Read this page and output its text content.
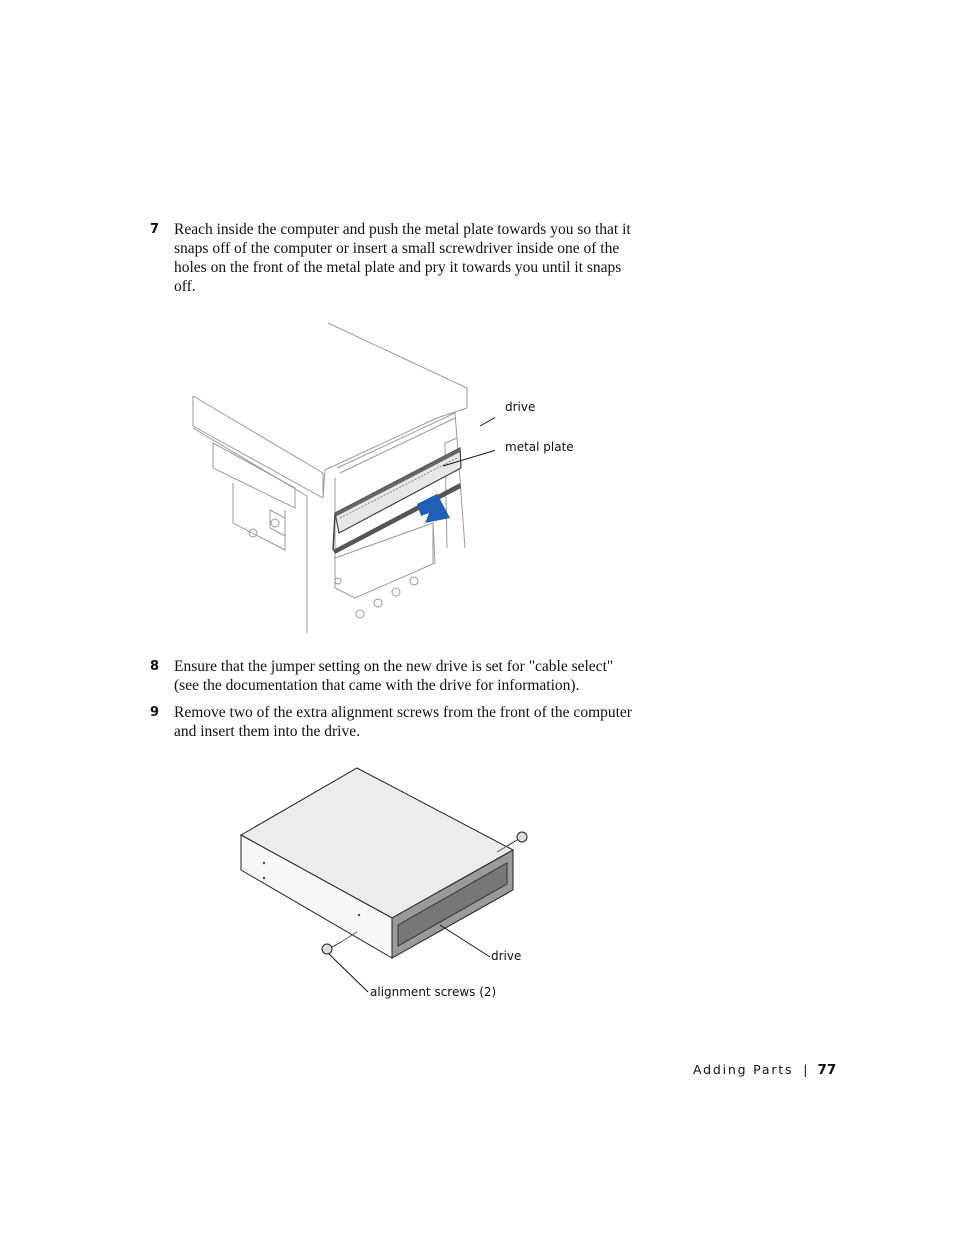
7 Reach inside the computer and push the metal plate towards you so that it snaps off of the computer or insert a small screwdriver inside one of the holes on the front of the metal plate and pry it towards you until it snaps off.
drive
metal plate
8 Ensure that the jumper setting on the new drive is set for "cable select" (see the documentation that came with the drive for information).
9 Remove two of the extra alignment screws from the front of the computer and insert them into the drive.
drive
alignment screws (2)
Adding Parts | 77
